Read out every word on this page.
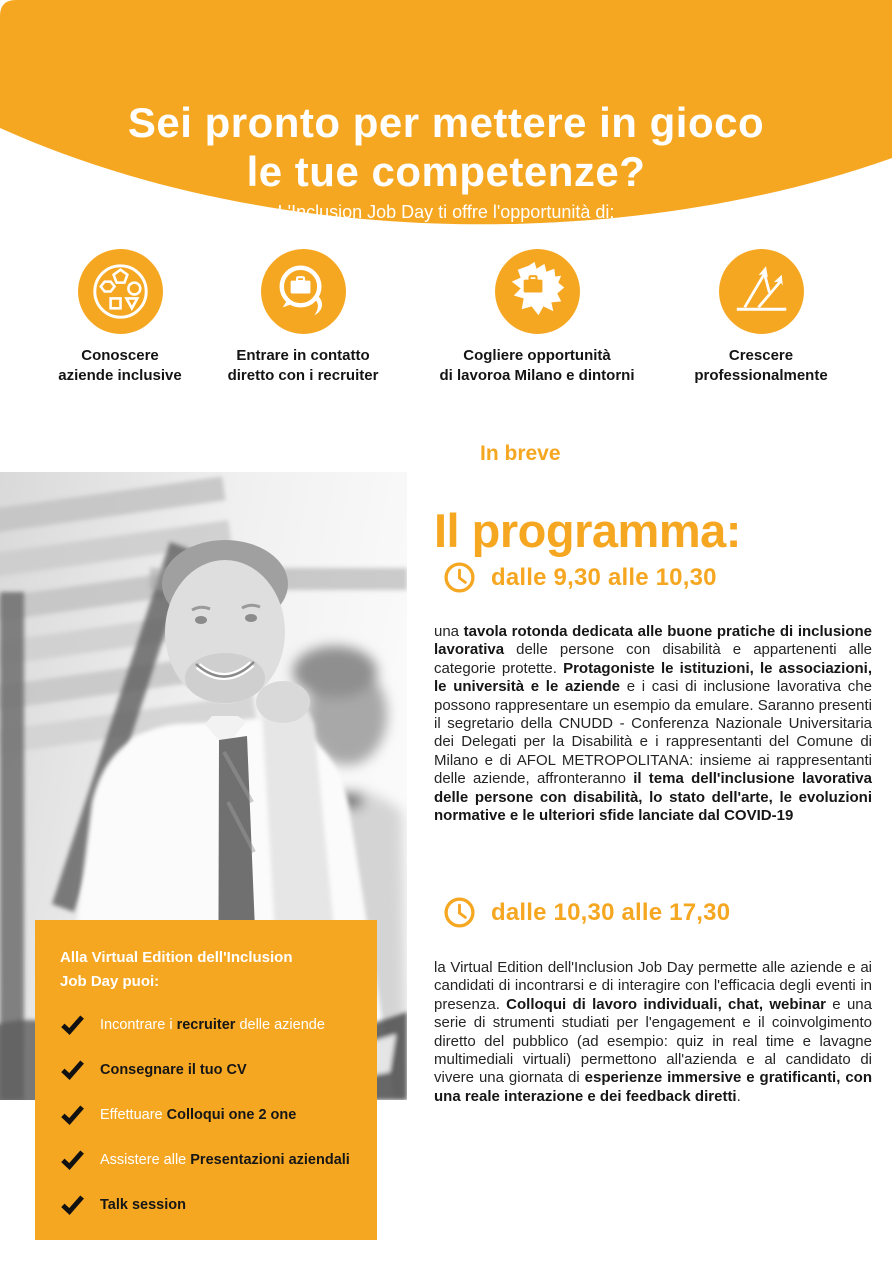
Sei pronto per mettere in gioco
le tue competenze?

L'Inclusion Job Day ti offre l'opportunità di:

Conoscere
aziende inclusive
Entrare in contatto
diretto con i recruiter
Cogliere opportunità
di lavoroa Milano e dintorni
Crescere
professionalmente
Alla Virtual Edition dell'Inclusion
Job Day puoi:
Incontrare i recruiter delle aziende
Consegnare il tuo CV
Effettuare Colloqui one 2 one
Assistere alle Presentazioni aziendali
Talk session
In breve
Il programma:
dalle 9,30 alle 10,30

una tavola rotonda dedicata alle buone pratiche di inclusione lavorativa delle persone con disabilità e appartenenti alle categorie protette. Protagoniste le istituzioni, le associazioni, le università e le aziende e i casi di inclusione lavorativa che possono rappresentare un esempio da emulare. Saranno presenti il segretario della CNUDD - Conferenza Nazionale Universitaria dei Delegati per la Disabilità e i rappresentanti del Comune di Milano e di AFOL METROPOLITANA: insieme ai rappresentanti delle aziende, affronteranno il tema dell'inclusione lavorativa delle persone con disabilità, lo stato dell'arte, le evoluzioni normative e le ulteriori sfide lanciate dal COVID-19

dalle 10,30 alle 17,30

la Virtual Edition dell'Inclusion Job Day permette alle aziende e ai candidati di incontrarsi e di interagire con l'efficacia degli eventi in presenza. Colloqui di lavoro individuali, chat, webinar e una serie di strumenti studiati per l'engagement e il coinvolgimento diretto del pubblico (ad esempio: quiz in real time e lavagne multimediali virtuali) permettono all'azienda e al candidato di vivere una giornata di esperienze immersive e gratificanti, con una reale interazione e dei feedback diretti.
